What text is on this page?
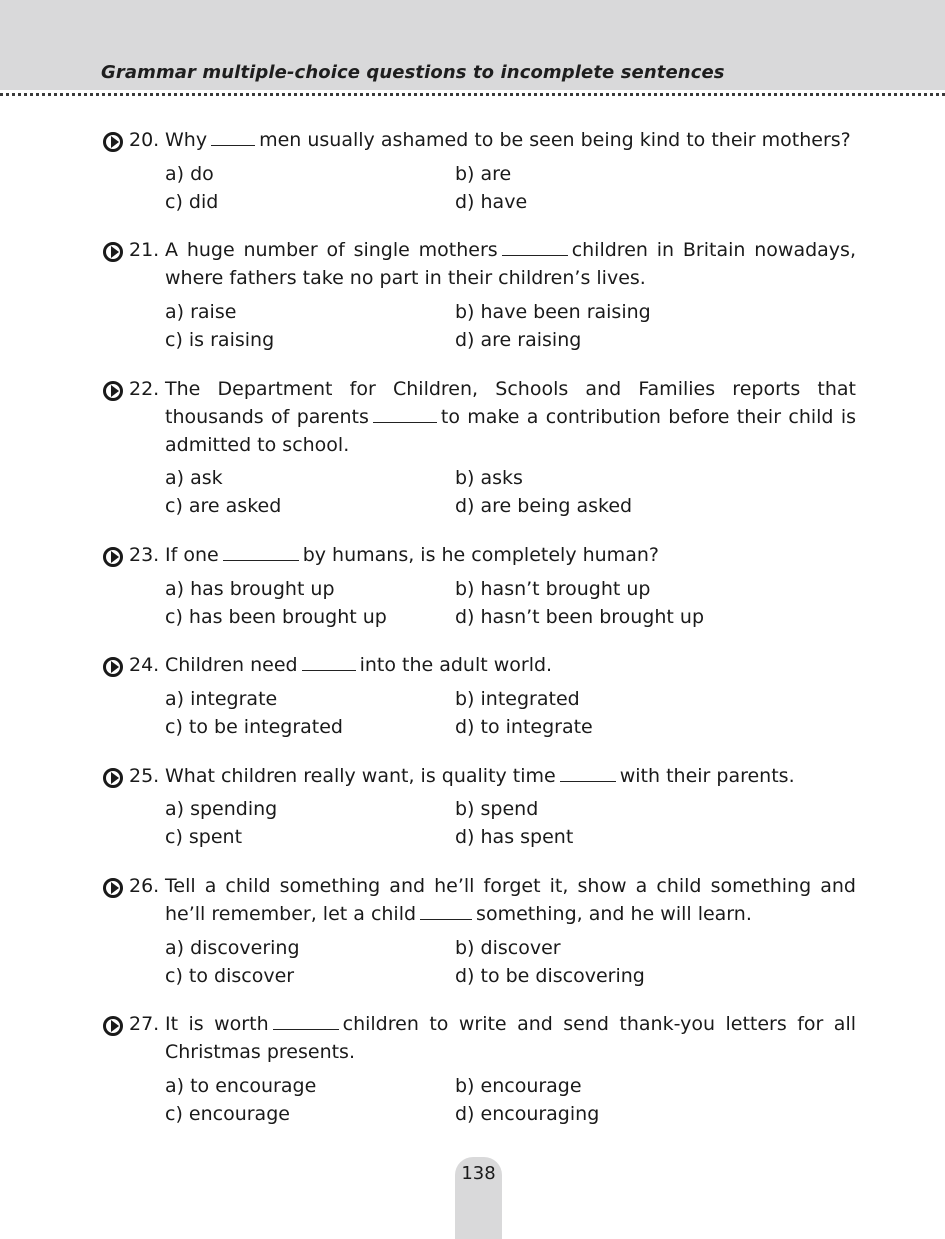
Grammar multiple-choice questions to incomplete sentences
20. Why	men usually ashamed to be seen being kind to their mothers?
a) do	b) are
c) did	d) have
21. A huge number of single mothers	children in Britain nowadays, where fathers take no part in their children’s lives.
a) raise	b) have been raising
c) is raising	d) are raising
22. The Department for Children, Schools and Families reports that thousands of parents	to make a contribution before their child is admitted to school.
a) ask	b) asks
c) are asked	d) are being asked
23. If one	by humans, is he completely human?
a) has brought up	b) hasn’t brought up
c) has been brought up	d) hasn’t been brought up
24. Children need	into the adult world.
a) integrate	b) integrated
c) to be integrated	d) to integrate
25. What children really want, is quality time	with their parents.
a) spending	b) spend
c) spent	d) has spent
26. Tell a child something and he’ll forget it, show a child something and he’ll remember, let a child	something, and he will learn.
a) discovering	b) discover
c) to discover	d) to be discovering
27. It is worth	children to write and send thank-you letters for all Christmas presents.
a) to encourage	b) encourage
c) encourage	d) encouraging
138
